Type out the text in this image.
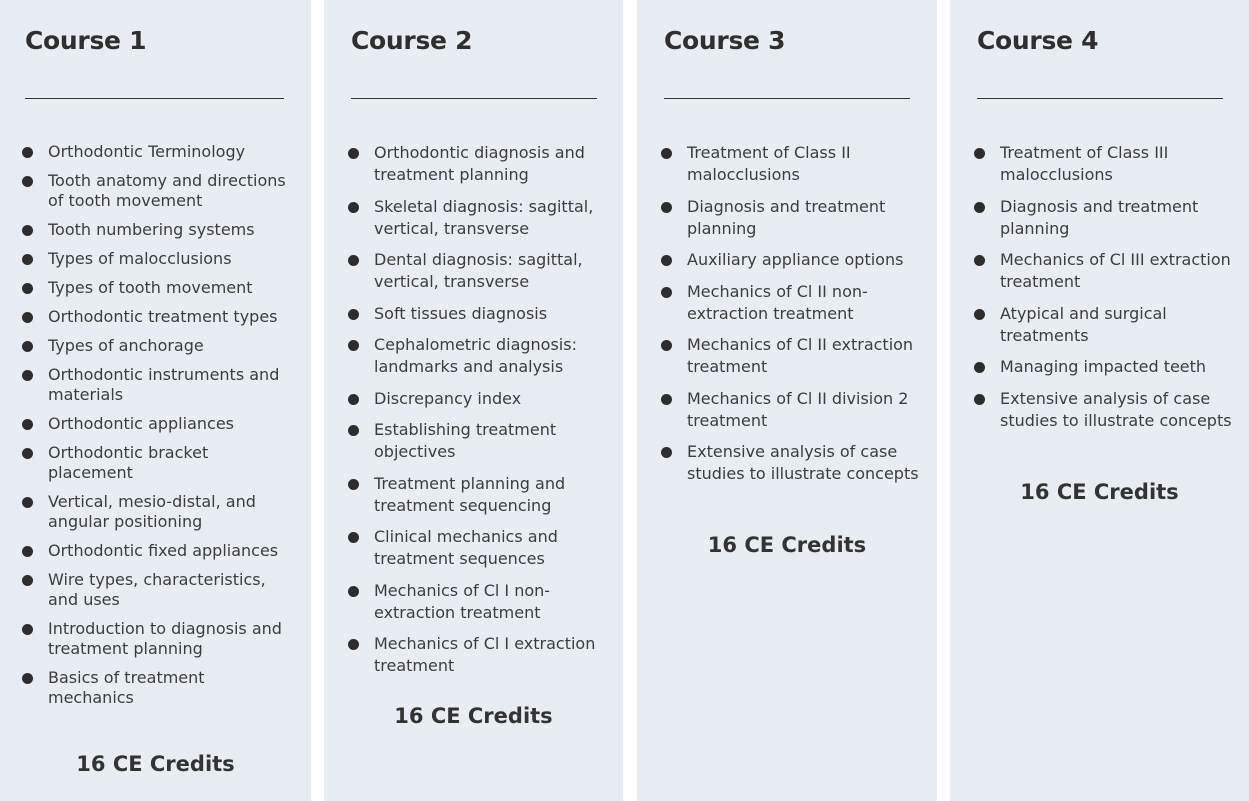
Course 1
Orthodontic Terminology
Tooth anatomy and directions of tooth movement
Tooth numbering systems
Types of malocclusions
Types of tooth movement
Orthodontic treatment types
Types of anchorage
Orthodontic instruments and materials
Orthodontic appliances
Orthodontic bracket placement
Vertical, mesio-distal, and angular positioning
Orthodontic fixed appliances
Wire types, characteristics, and uses
Introduction to diagnosis and treatment planning
Basics of treatment mechanics

16 CE Credits

Course 2
Orthodontic diagnosis and treatment planning
Skeletal diagnosis: sagittal, vertical, transverse
Dental diagnosis: sagittal, vertical, transverse
Soft tissues diagnosis
Cephalometric diagnosis: landmarks and analysis
Discrepancy index
Establishing treatment objectives
Treatment planning and treatment sequencing
Clinical mechanics and treatment sequences
Mechanics of Cl I non-extraction treatment
Mechanics of Cl I extraction treatment

16 CE Credits

Course 3
Treatment of Class II malocclusions
Diagnosis and treatment planning
Auxiliary appliance options
Mechanics of Cl II non-extraction treatment
Mechanics of Cl II extraction treatment
Mechanics of Cl II division 2 treatment
Extensive analysis of case studies to illustrate concepts

16 CE Credits

Course 4
Treatment of Class III malocclusions
Diagnosis and treatment planning
Mechanics of Cl III extraction treatment
Atypical and surgical treatments
Managing impacted teeth
Extensive analysis of case studies to illustrate concepts

16 CE Credits
